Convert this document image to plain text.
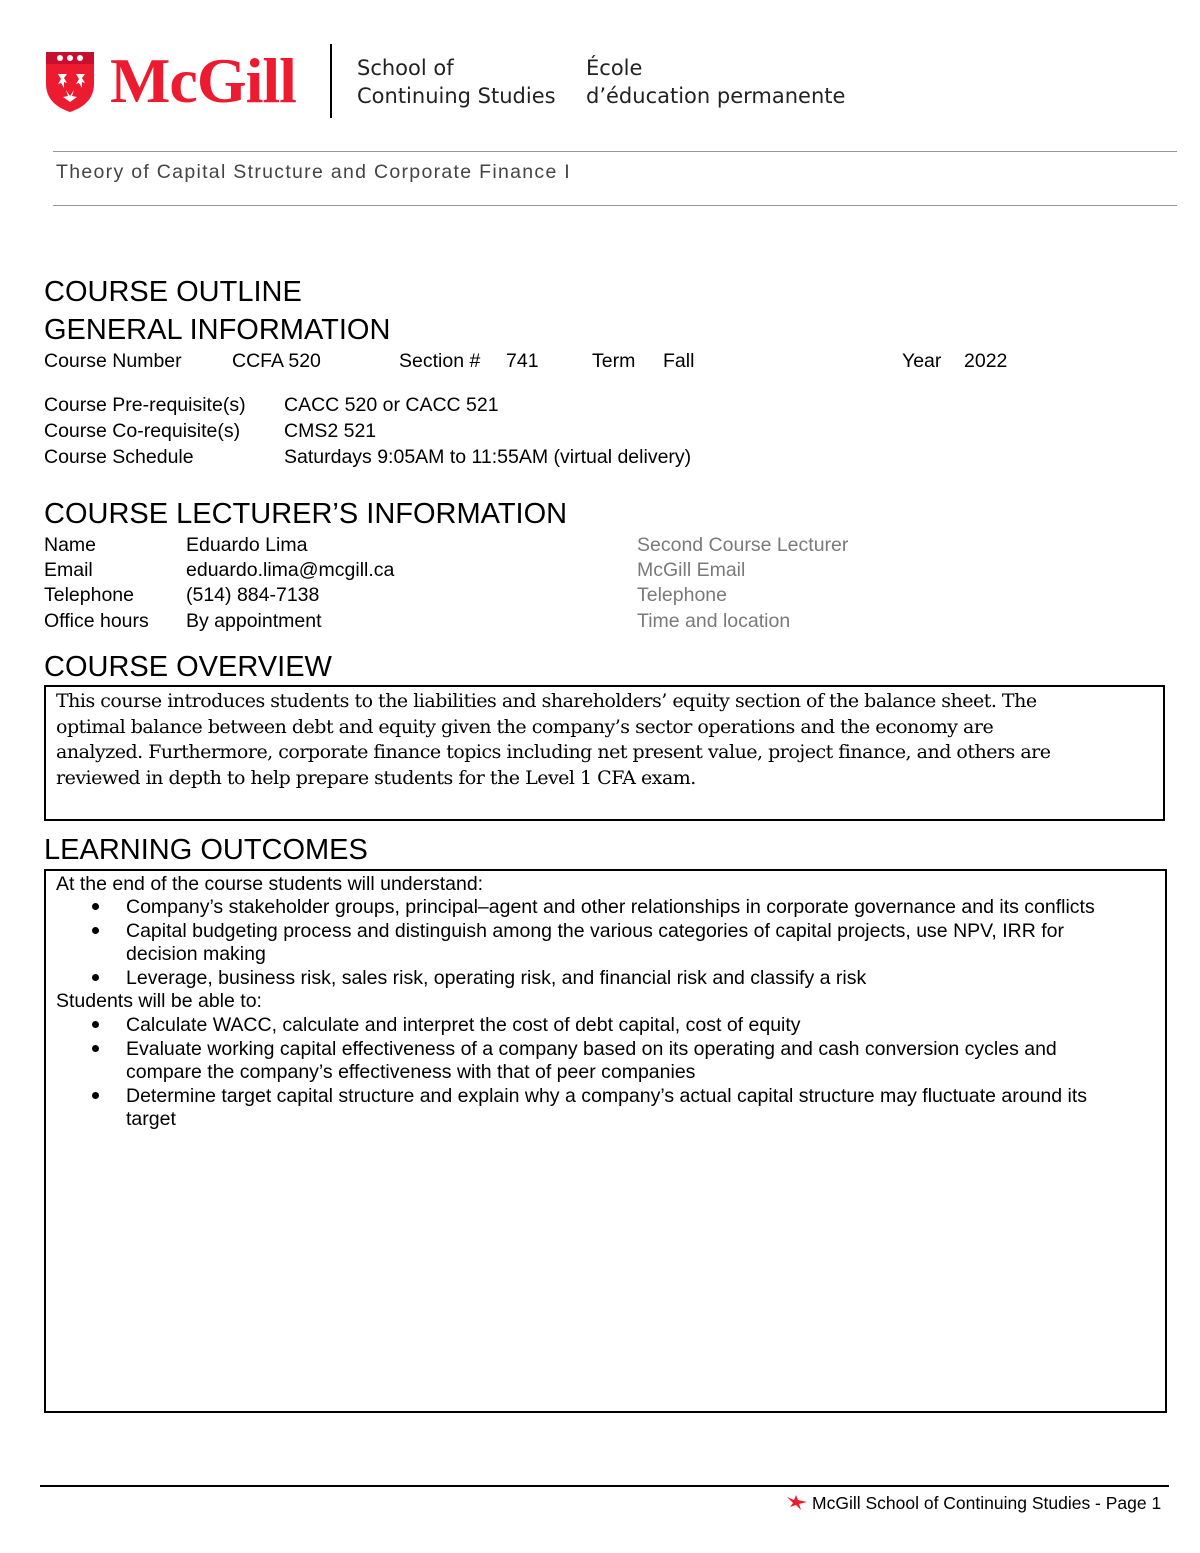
McGill	School of
Continuing Studies
École
d’éducation permanente
Theory of Capital Structure and Corporate Finance I
COURSE OUTLINE
GENERAL INFORMATION
Course Number	CCFA 520	Section # 741	Term Fall	Year 2022
Course Pre-requisite(s) CACC 520 or CACC 521
Course Co-requisite(s) CMS2 521
Course Schedule	Saturdays 9:05AM to 11:55AM (virtual delivery)
COURSE LECTURER’S INFORMATION
Name	Eduardo Lima	Second Course Lecturer
Email	eduardo.lima@mcgill.ca	McGill Email
Telephone	(514) 884-7138	Telephone
Office hours By appointment	Time and location
COURSE OVERVIEW
This course introduces students to the liabilities and shareholders’ equity section of the balance sheet. The
optimal balance between debt and equity given the company’s sector operations and the economy are
analyzed. Furthermore, corporate finance topics including net present value, project finance, and others are
reviewed in depth to help prepare students for the Level 1 CFA exam.
LEARNING OUTCOMES
At the end of the course students will understand:
Company’s stakeholder groups, principal–agent and other relationships in corporate governance and its conflicts
Capital budgeting process and distinguish among the various categories of capital projects, use NPV, IRR for
decision making
Leverage, business risk, sales risk, operating risk, and financial risk and classify a risk
Students will be able to:
Calculate WACC, calculate and interpret the cost of debt capital, cost of equity
Evaluate working capital effectiveness of a company based on its operating and cash conversion cycles and
compare the company’s effectiveness with that of peer companies
Determine target capital structure and explain why a company’s actual capital structure may fluctuate around its
target
McGill School of Continuing Studies - Page 1
